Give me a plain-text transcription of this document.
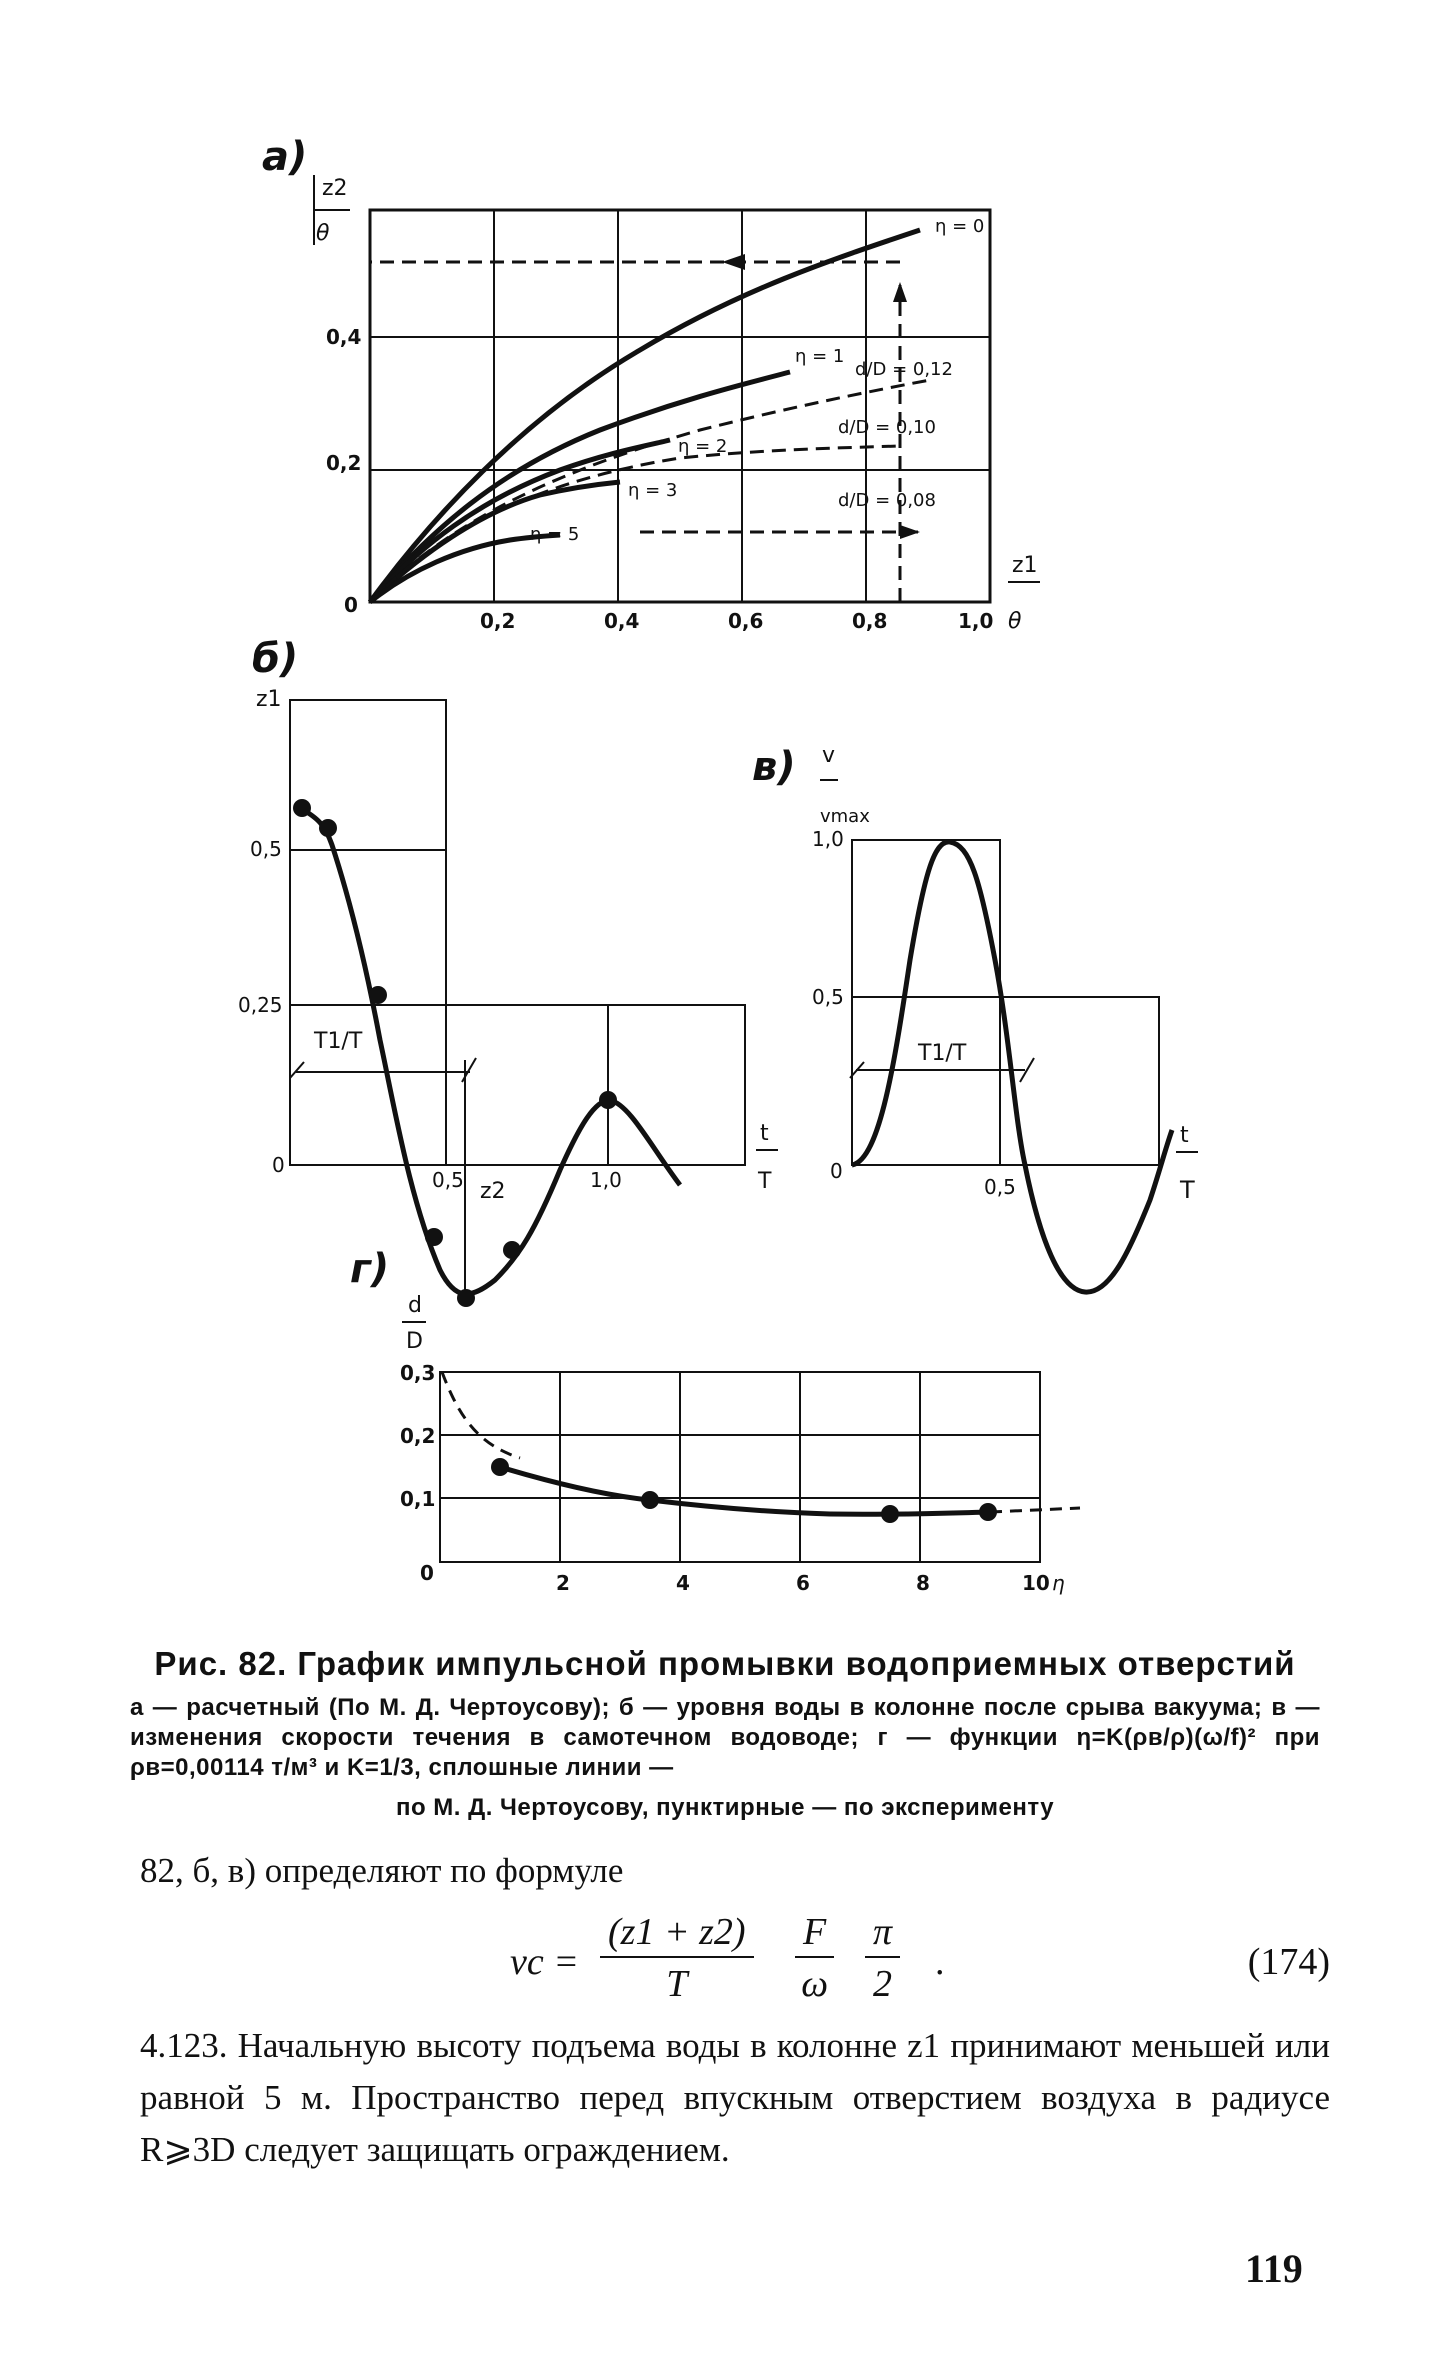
а)
z2
θ
0,4
0,2
0
0,2	0,4	0,6	0,8	1,0
z1
θ
η = 0
η = 1
η = 2
η = 3
η = 5
d/D = 0,12
d/D = 0,10
d/D = 0,08
б)
z1
0,5
0,25
0
0,5	1,0
z2
T1/T
t
T
в) v
vmax
1,0
0,5
0
0,5
T1/T
t
T
г)
d
D
0,3
0,2
0,1
0	2	4	6	8	10 η
Рис. 82. График импульсной промывки водоприемных отверстий
а — расчетный (По М. Д. Чертоусову); б — уровня воды в колонне после срыва вакуума; в — изменения скорости течения в самотечном водоводе; г — функции η=K(ρв/ρ)(ω/f)² при ρв=0,00114 т/м³ и K=1/3, сплошные линии —
по М. Д. Чертоусову, пунктирные — по эксперименту
82, б, в) определяют по формуле
vс = $\frac{(z1 + z2)}{T} \frac{F}{\omega} \frac{\pi}{2}$ .	(174)
4.123. Начальную высоту подъема воды в колонне z1 принимают меньшей или равной 5 м. Пространство перед впускным отверстием воздуха в радиусе R⩾3D следует защищать ограждением.
119
